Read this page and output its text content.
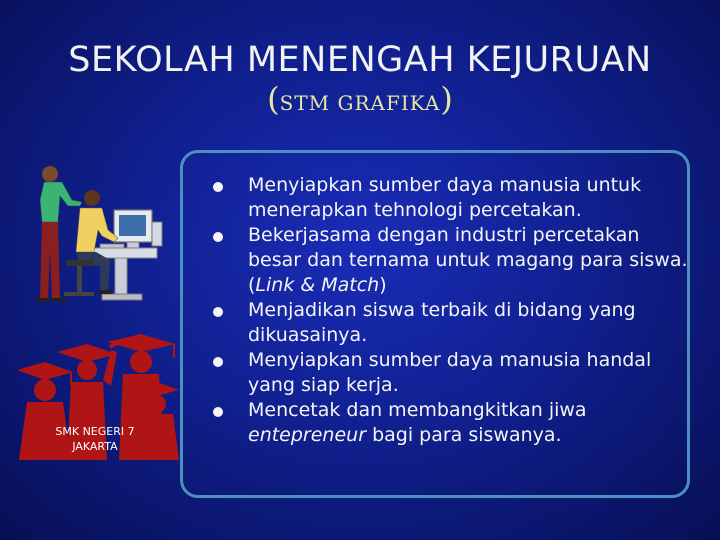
SEKOLAH MENENGAH KEJURUAN
(STM GRAFIKA)
SMK NEGERI 7
JAKARTA
Menyiapkan sumber daya manusia untuk menerapkan tehnologi percetakan.
Bekerjasama dengan industri percetakan besar dan ternama untuk magang para siswa. (Link & Match)
Menjadikan siswa terbaik di bidang yang dikuasainya.
Menyiapkan sumber daya manusia handal yang siap kerja.
Mencetak dan membangkitkan jiwa entepreneur bagi para siswanya.
